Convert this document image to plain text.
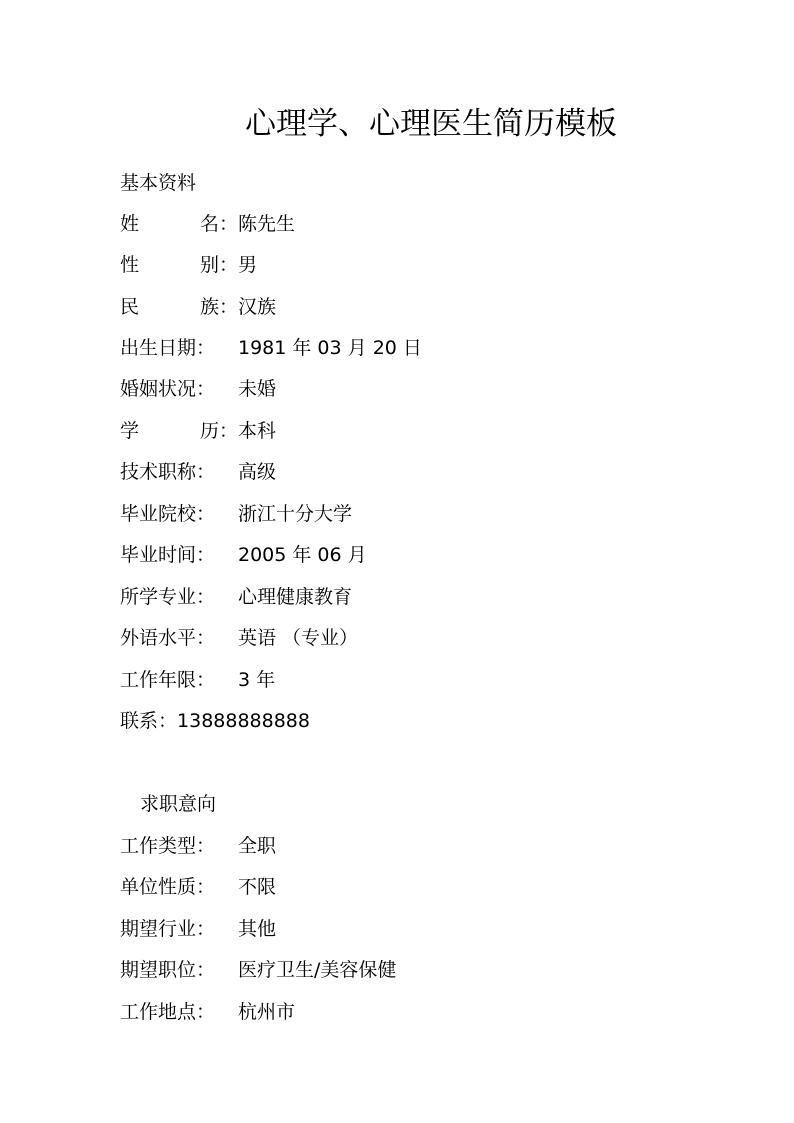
心理学、心理医生简历模板
基本资料
姓	名： 陈先生
性	别： 男
民	族： 汉族
出生日期： 1981 年 03 月 20 日
婚姻状况： 未婚
学	历： 本科
技术职称： 高级
毕业院校： 浙江十分大学
毕业时间： 2005 年 06 月
所学专业： 心理健康教育
外语水平： 英语 （专业）
工作年限： 3 年
联系：13888888888
求职意向
工作类型： 全职
单位性质： 不限
期望行业： 其他
期望职位： 医疗卫生/美容保健
工作地点： 杭州市
